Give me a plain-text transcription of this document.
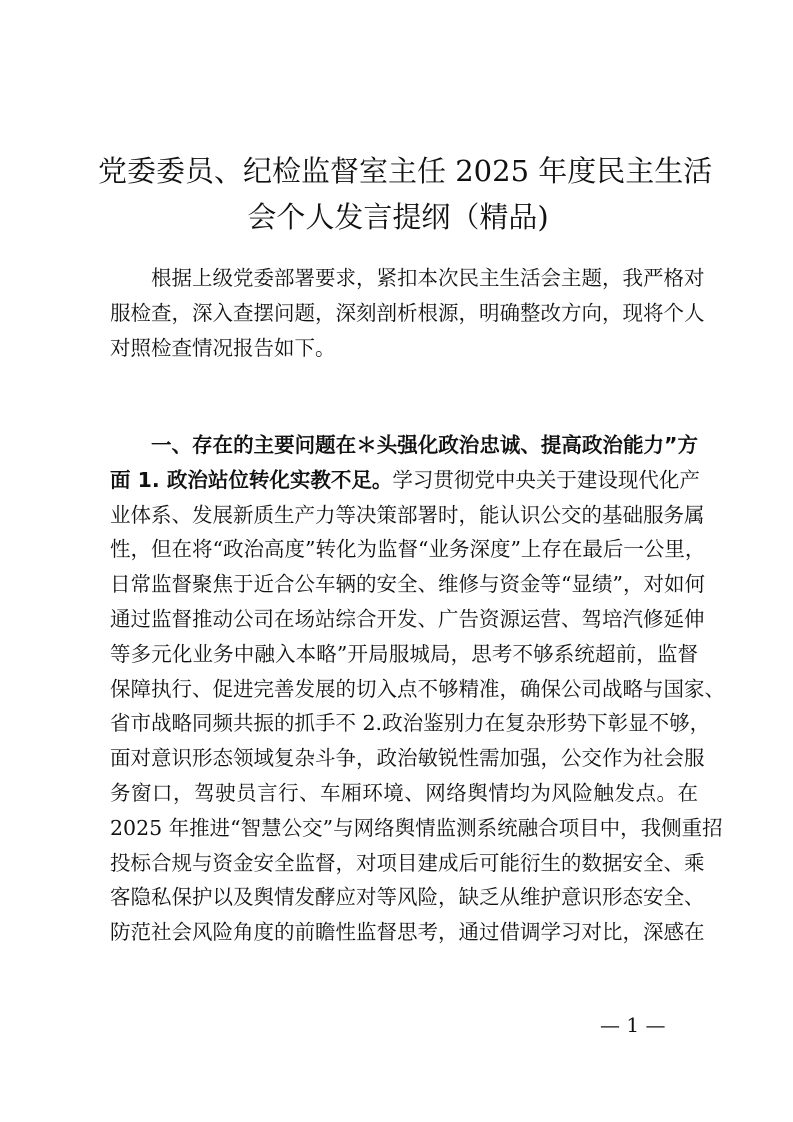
党委委员、纪检监督室主任 2025 年度民主生活
会个人发言提纲（精品)
根据上级党委部署要求，紧扣本次民主生活会主题，我严格对
服检查，深入查摆问题，深刻剖析根源，明确整改方向，现将个人
对照检查情况报告如下。
一、存在的主要问题在＊头强化政治忠诚、提高政治能力”方
面 1. 政治站位转化实教不足。学习贯彻党中央关于建设现代化产
业体系、发展新质生产力等决策部署时，能认识公交的基础服务属
性，但在将“政治高度”转化为监督“业务深度”上存在最后一公里，
日常监督聚焦于近合公车辆的安全、维修与资金等“显绩”，对如何
通过监督推动公司在场站综合开发、广告资源运营、驾培汽修延伸
等多元化业务中融入本略”开局服城局，思考不够系统超前，监督
保障执行、促进完善发展的切入点不够精准，确保公司战略与国家、
省市战略同频共振的抓手不 2.政治鉴别力在复杂形势下彰显不够，
面对意识形态领域复杂斗争，政治敏锐性需加强，公交作为社会服
务窗口，驾驶员言行、车厢环境、网络舆情均为风险触发点。在
2025 年推进“智慧公交”与网络舆情监测系统融合项目中，我侧重招
投标合规与资金安全监督，对项目建成后可能衍生的数据安全、乘
客隐私保护以及舆情发酵应对等风险，缺乏从维护意识形态安全、
防范社会风险角度的前瞻性监督思考，通过借调学习对比，深感在
— 1 —
